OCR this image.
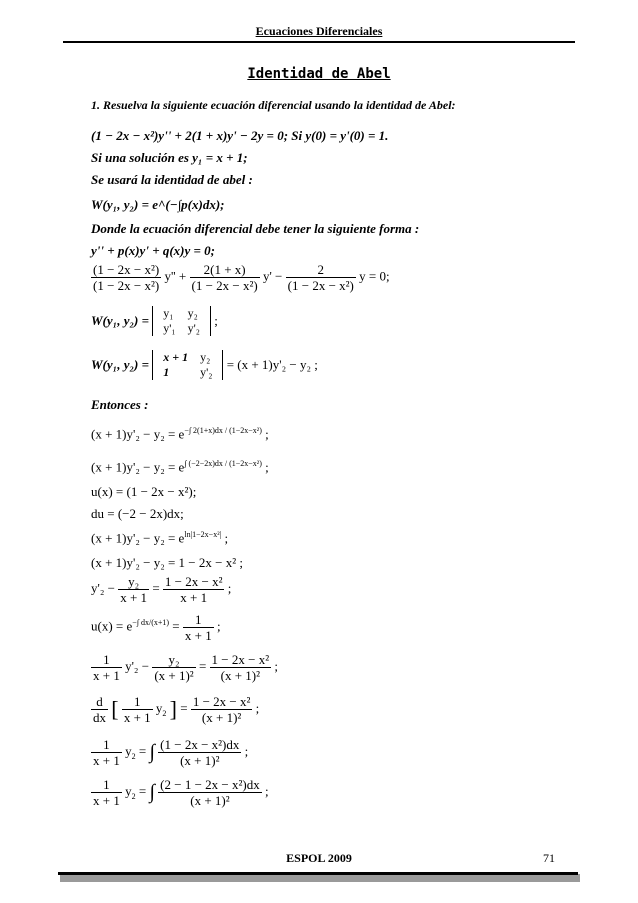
Ecuaciones Diferenciales
Identidad de Abel
1. Resuelva la siguiente ecuación diferencial usando la identidad de Abel:
(1 − 2x − x²)y'' + 2(1 + x)y' − 2y = 0; Si y(0) = y'(0) = 1.
Si una solución es y₁ = x + 1;
Se usará la identidad de abel :
W(y₁, y₂) = e^(−∫p(x)dx);
Donde la ecuación diferencial debe tener la siguiente forma :
y'' + p(x)y' + q(x)y = 0;
$\frac{\text{(1 − 2x − x²)}}{\text{(1 − 2x − x²)}} y'' + \frac{2(1 + x)}{\text{(1 − 2x − x²)}} y' - \frac{2}{\text{(1 − 2x − x²)}}$ y = 0;
W(y₁, y₂) = y₁	y₂
y'₁	y'₂ ;
W(y₁, y₂) = x + 1	y₂
1	y'₂ = (x + 1)y'₂ − y₂ ;
Entonces :
$(x + 1)y'_2 - y_2 = e^{-\int 2(1+x)dx / (1-2x-x^2)}$ ;
$(x + 1)y'_2 - y_2 = e^{\int (-2-2x)dx / (1-2x-x^2)}$ ;
u(x) = (1 − 2x − x²);
du = (−2 − 2x)dx;
$(x + 1)y'_2 - y_2 = e^{ln|1-2x-x^2|}$ ;
(x + 1)y'₂ − y₂ = 1 − 2x − x² ;
$y'_2 - \frac{\text{y₂}}{x + 1} = \frac{\text{1 − 2x − x²}}{x + 1}$ ;
$u(x) = e^{-\int dx/(x+1)} = \frac{1}{x + 1}$ ;
$\frac{1}{x + 1} y'_2 - \frac{\text{y₂}}{\text{(x + 1)²}} = \frac{\text{1 − 2x − x²}}{\text{(x + 1)²}}$ ;
$\frac{d}{dx}$ [ $\frac{1}{x + 1} y_2$ ] = $\frac{\text{1 − 2x − x²}}{\text{(x + 1)²}}$ ;
$\frac{1}{x + 1} y_2$ = ∫ $\frac{\text{(1 − 2x − x²)dx}}{\text{(x + 1)²}}$ ;
$\frac{1}{x + 1} y_2$ = ∫ $\frac{\text{(2 − 1 − 2x − x²)dx}}{\text{(x + 1)²}}$ ;
ESPOL 2009	71
